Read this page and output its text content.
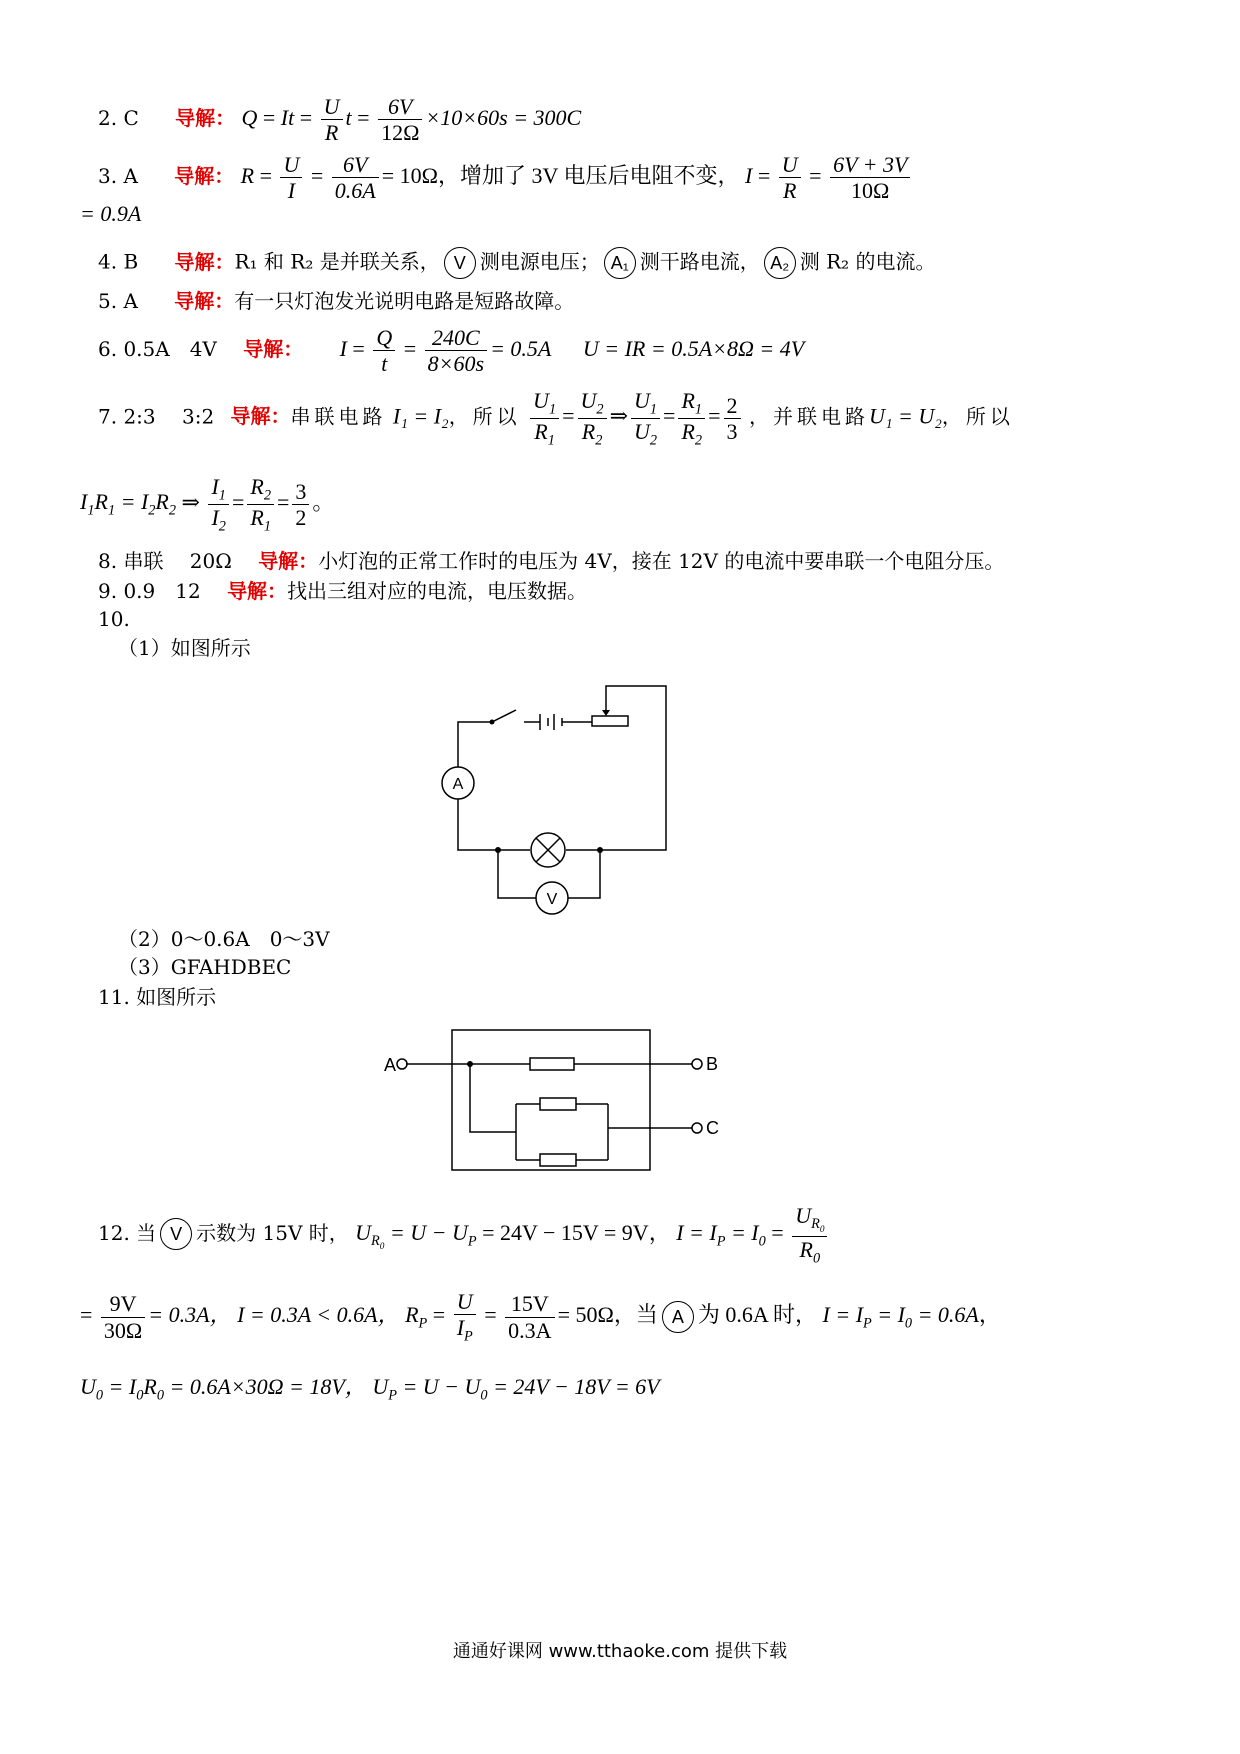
2. C 导解： $Q = It = \frac{U}{R}$ $t = \frac{6V}{12\Omega} \times 10\times 60s = 300C$
3. A 导解： $R = \frac{U}{I} = \frac{6V}{0.6A} = 10\Omega$，增加了 3V 电压后电阻不变， $I = \frac{U}{R} = \frac{6V + 3V}{10\Omega}$
= 0.9A
4. B 导解：R₁ 和 R₂ 是并联关系， V 测电源电压； A₁ 测干路电流， A₂ 测 R₂ 的电流。
5. A 导解：有一只灯泡发光说明电路是短路故障。
6. 0.5A　4V 导解： $I = \frac{Q}{t} = \frac{240C}{8\times 60s} = 0.5A$ U = IR = 0.5A×8Ω = 4V
7. 2:3　 3:2 导解：串联电路 I₁ = I₂，所以 $\frac{U_1}{R_1} = \frac{U_2}{R_2}$ ⇒ $\frac{U_1}{U_2} = \frac{R_1}{R_2} = \frac{2}{3}$ ，并联电路U₁ = U₂，所以
$I_1R_1 = I_2R_2$ ⇒ $\frac{I_1}{I_2} = \frac{R_2}{R_1} = \frac{3}{2}$ 。
8. 串联　 20Ω 导解：小灯泡的正常工作时的电压为 4V，接在 12V 的电流中要串联一个电阻分压。
9. 0.9　12 导解：找出三组对应的电流，电压数据。
10.
（1）如图所示
A
V
（2）0～0.6A　0～3V
（3）GFAHDBEC
11. 如图所示
A	B
C
12. 当 V 示数为 15V 时， $U_{R_0} = U - U_P = 24V - 15V = 9V$， $I = I_P = I_0 = \frac{U_{R_0}}{R_0}$
= $\frac{9V}{30\Omega} = 0.3A$， I = 0.3A < 0.6A， $R_P = \frac{U}{I_P} = \frac{15V}{0.3A} = 50\Omega$，当 A 为 0.6A 时， $I = I_P = I_0 = 0.6A$，
$U_0 = I_0R_0 = 0.6A\times 30\Omega = 18V$， $U_P = U - U_0 = 24V - 18V = 6V$
通通好课网 www.tthaoke.com 提供下载
